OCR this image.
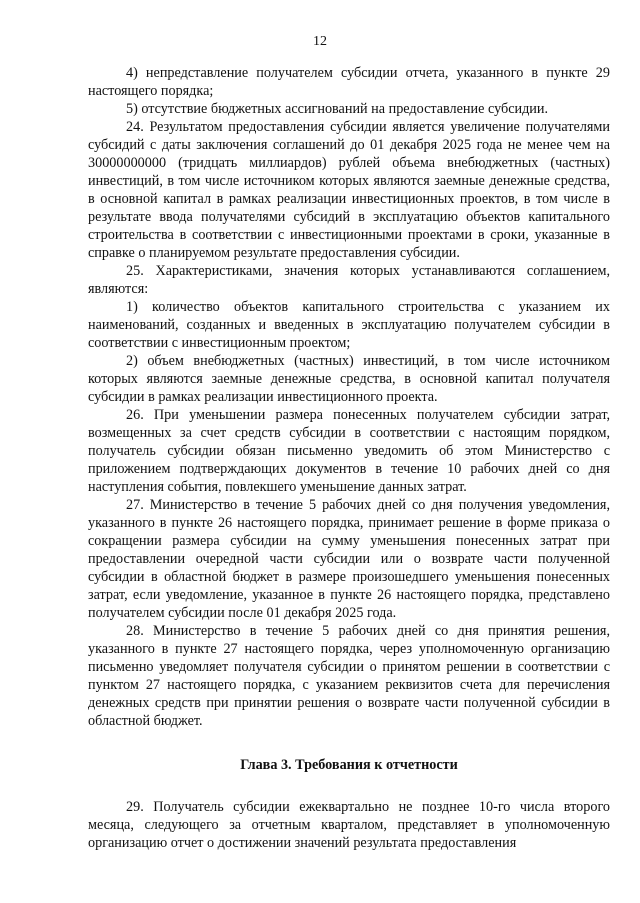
12

4) непредставление получателем субсидии отчета, указанного в пункте 29 настоящего порядка;

5) отсутствие бюджетных ассигнований на предоставление субсидии.

24. Результатом предоставления субсидии является увеличение получателями субсидий с даты заключения соглашений до 01 декабря 2025 года не менее чем на 30000000000 (тридцать миллиардов) рублей объема внебюджетных (частных) инвестиций, в том числе источником которых являются заемные денежные средства, в основной капитал в рамках реализации инвестиционных проектов, в том числе в результате ввода получателями субсидий в эксплуатацию объектов капитального строительства в соответствии с инвестиционными проектами в сроки, указанные в справке о планируемом результате предоставления субсидии.

25. Характеристиками, значения которых устанавливаются соглашением, являются:

1) количество объектов капитального строительства с указанием их наименований, созданных и введенных в эксплуатацию получателем субсидии в соответствии с инвестиционным проектом;

2) объем внебюджетных (частных) инвестиций, в том числе источником которых являются заемные денежные средства, в основной капитал получателя субсидии в рамках реализации инвестиционного проекта.

26. При уменьшении размера понесенных получателем субсидии затрат, возмещенных за счет средств субсидии в соответствии с настоящим порядком, получатель субсидии обязан письменно уведомить об этом Министерство с приложением подтверждающих документов в течение 10 рабочих дней со дня наступления события, повлекшего уменьшение данных затрат.

27. Министерство в течение 5 рабочих дней со дня получения уведомления, указанного в пункте 26 настоящего порядка, принимает решение в форме приказа о сокращении размера субсидии на сумму уменьшения понесенных затрат при предоставлении очередной части субсидии или о возврате части полученной субсидии в областной бюджет в размере произошедшего уменьшения понесенных затрат, если уведомление, указанное в пункте 26 настоящего порядка, представлено получателем субсидии после 01 декабря 2025 года.

28. Министерство в течение 5 рабочих дней со дня принятия решения, указанного в пункте 27 настоящего порядка, через уполномоченную организацию письменно уведомляет получателя субсидии о принятом решении в соответствии с пунктом 27 настоящего порядка, с указанием реквизитов счета для перечисления денежных средств при принятии решения о возврате части полученной субсидии в областной бюджет.

Глава 3. Требования к отчетности

29. Получатель субсидии ежеквартально не позднее 10-го числа второго месяца, следующего за отчетным кварталом, представляет в уполномоченную организацию отчет о достижении значений результата предоставления
